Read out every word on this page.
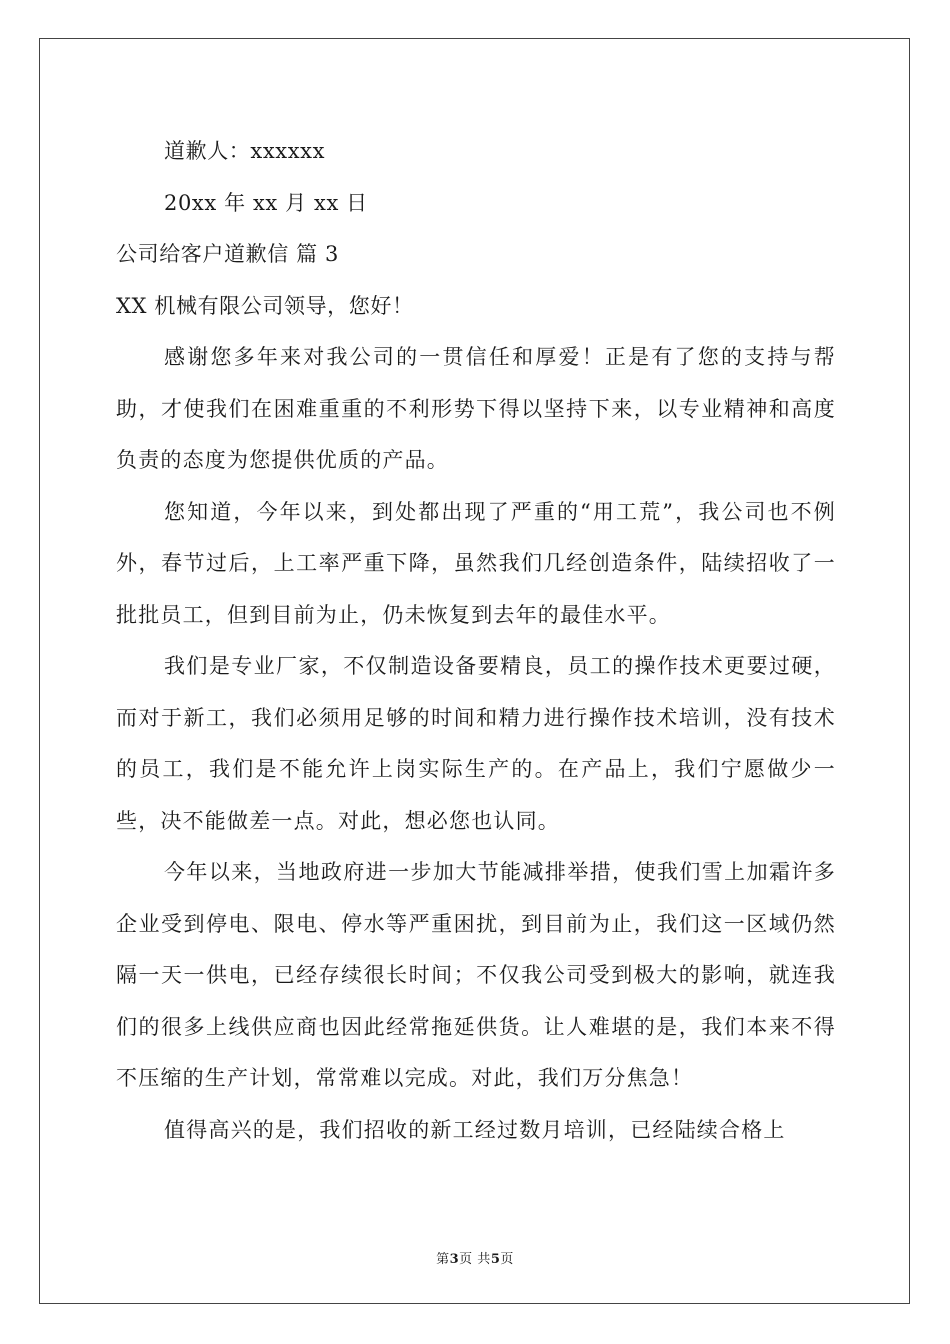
道歉人：xxxxxx
20xx 年 xx 月 xx 日
公司给客户道歉信 篇 3
XX 机械有限公司领导，您好！

感谢您多年来对我公司的一贯信任和厚爱！正是有了您的支持与帮助，才使我们在困难重重的不利形势下得以坚持下来，以专业精神和高度负责的态度为您提供优质的产品。

您知道，今年以来，到处都出现了严重的“用工荒”，我公司也不例外，春节过后，上工率严重下降，虽然我们几经创造条件，陆续招收了一批批员工，但到目前为止，仍未恢复到去年的最佳水平。

我们是专业厂家，不仅制造设备要精良，员工的操作技术更要过硬，而对于新工，我们必须用足够的时间和精力进行操作技术培训，没有技术的员工，我们是不能允许上岗实际生产的。在产品上，我们宁愿做少一些，决不能做差一点。对此，想必您也认同。

今年以来，当地政府进一步加大节能减排举措，使我们雪上加霜许多企业受到停电、限电、停水等严重困扰，到目前为止，我们这一区域仍然隔一天一供电，已经存续很长时间；不仅我公司受到极大的影响，就连我们的很多上线供应商也因此经常拖延供货。让人难堪的是，我们本来不得不压缩的生产计划，常常难以完成。对此，我们万分焦急！

值得高兴的是，我们招收的新工经过数月培训，已经陆续合格上

第3页 共5页
